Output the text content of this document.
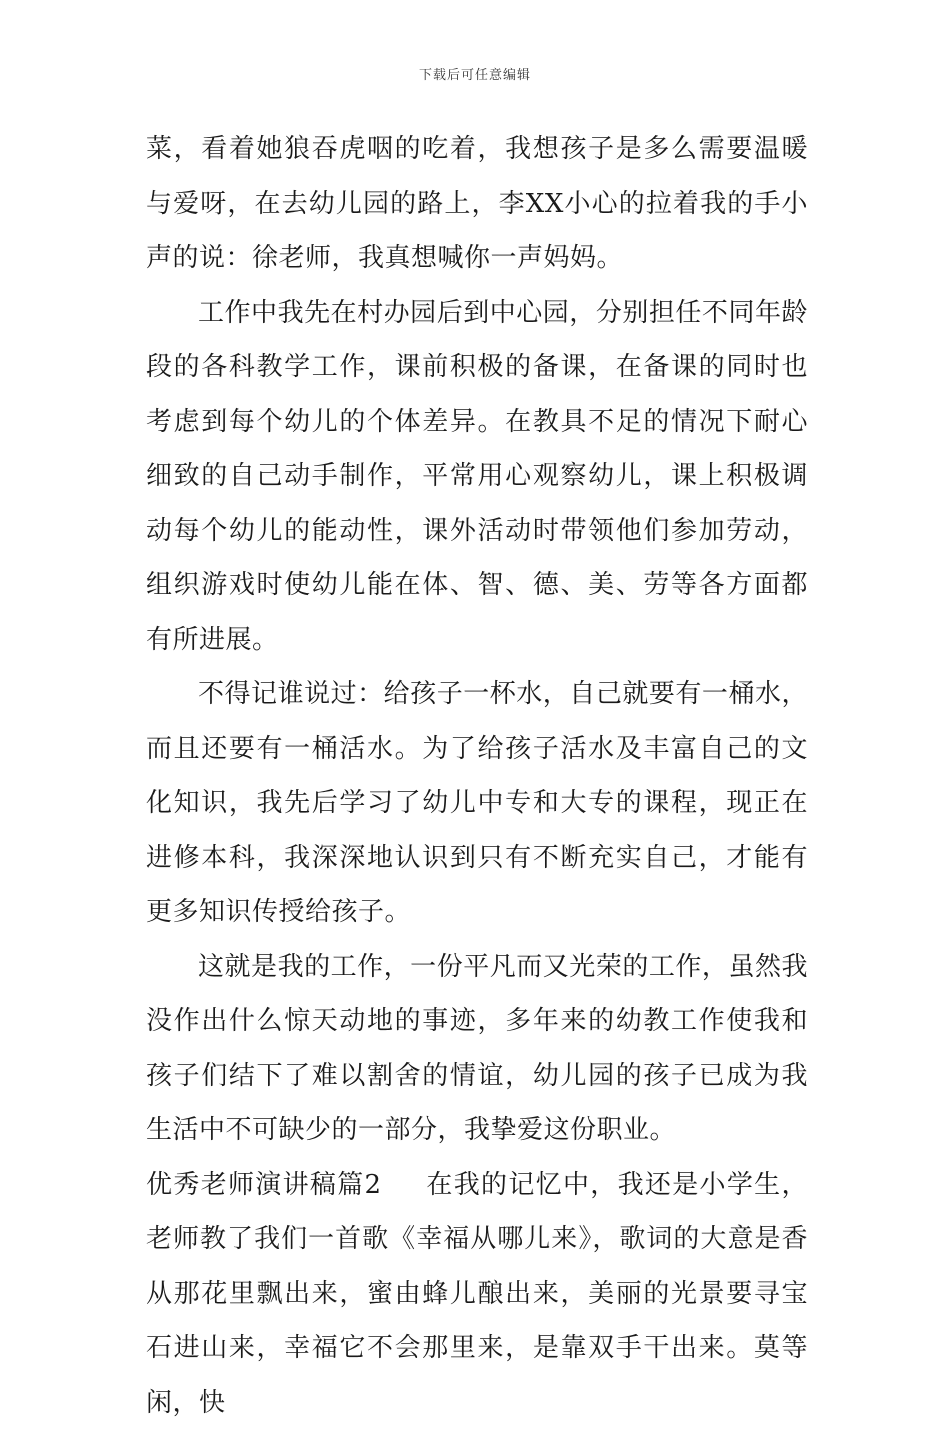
下载后可任意编辑

菜，看着她狼吞虎咽的吃着，我想孩子是多么需要温暖与爱呀，在去幼儿园的路上，李XX小心的拉着我的手小声的说：徐老师，我真想喊你一声妈妈。

工作中我先在村办园后到中心园，分别担任不同年龄段的各科教学工作，课前积极的备课，在备课的同时也考虑到每个幼儿的个体差异。在教具不足的情况下耐心细致的自己动手制作，平常用心观察幼儿，课上积极调动每个幼儿的能动性，课外活动时带领他们参加劳动，组织游戏时使幼儿能在体、智、德、美、劳等各方面都有所进展。

不得记谁说过：给孩子一杯水，自己就要有一桶水，而且还要有一桶活水。为了给孩子活水及丰富自己的文化知识，我先后学习了幼儿中专和大专的课程，现正在进修本科，我深深地认识到只有不断充实自己，才能有更多知识传授给孩子。

这就是我的工作，一份平凡而又光荣的工作，虽然我没作出什么惊天动地的事迹，多年来的幼教工作使我和孩子们结下了难以割舍的情谊，幼儿园的孩子已成为我生活中不可缺少的一部分，我挚爱这份职业。

优秀老师演讲稿篇2 在我的记忆中，我还是小学生，老师教了我们一首歌《幸福从哪儿来》，歌词的大意是香从那花里飘出来，蜜由蜂儿酿出来，美丽的光景要寻宝石进山来，幸福它不会那里来，是靠双手干出来。莫等闲，快
